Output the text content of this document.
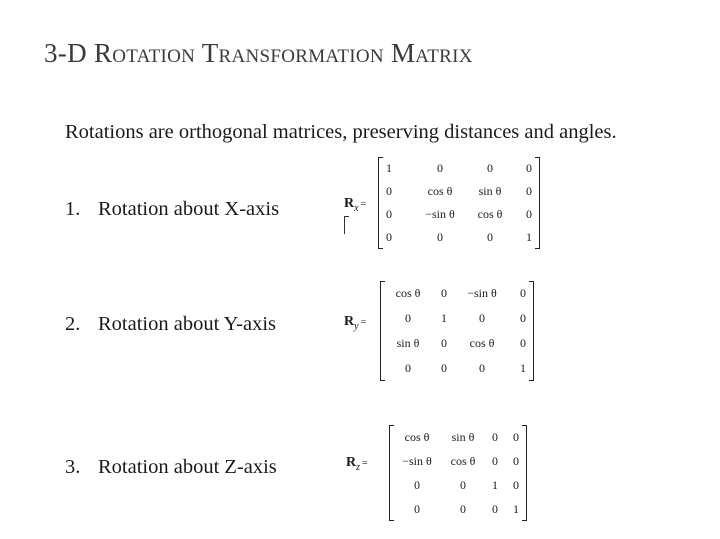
3-D Rotation Transformation Matrix
Rotations are orthogonal matrices, preserving distances and angles.
1. Rotation about X-axis	$R_x$ =
1	0	0	0
0	cos θ	sin θ	0
0	−sin θ	cos θ	0
0	0	0	1
2. Rotation about Y-axis	$R_y$ =
cos θ	0	−sin θ	0
0	1	0	0
sin θ	0	cos θ	0
0	0	0	1
3. Rotation about Z-axis	$R_z$ =
cos θ	sin θ	0	0
−sin θ	cos θ	0	0
0	0	1	0
0	0	0	1
